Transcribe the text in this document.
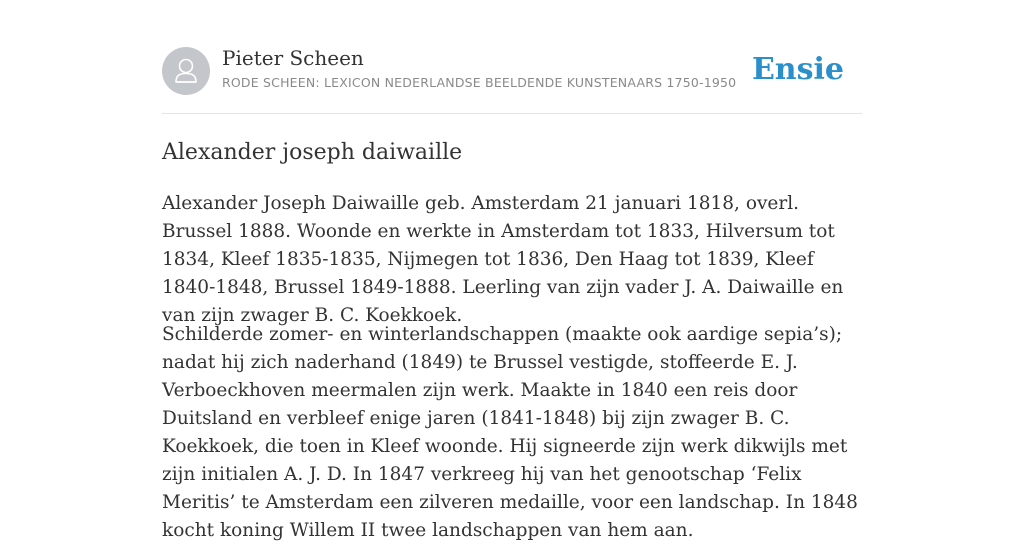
Pieter Scheen
RODE SCHEEN: LEXICON NEDERLANDSE BEELDENDE KUNSTENAARS 1750-1950 Ensie
Alexander joseph daiwaille

Alexander Joseph Daiwaille geb. Amsterdam 21 januari 1818, overl. Brussel 1888. Woonde en werkte in Amsterdam tot 1833, Hilversum tot 1834, Kleef 1835-1835, Nijmegen tot 1836, Den Haag tot 1839, Kleef 1840-1848, Brussel 1849-1888. Leerling van zijn vader J. A. Daiwaille en van zijn zwager B. C. Koekkoek.

Schilderde zomer- en winterlandschappen (maakte ook aardige sepia’s); nadat hij zich naderhand (1849) te Brussel vestigde, stoffeerde E. J. Verboeckhoven meermalen zijn werk. Maakte in 1840 een reis door Duitsland en verbleef enige jaren (1841-1848) bij zijn zwager B. C. Koekkoek, die toen in Kleef woonde. Hij signeerde zijn werk dikwijls met zijn initialen A. J. D. In 1847 verkreeg hij van het genootschap ‘Felix Meritis’ te Amsterdam een zilveren medaille, voor een landschap. In 1848 kocht koning Willem II twee landschappen van hem aan.
